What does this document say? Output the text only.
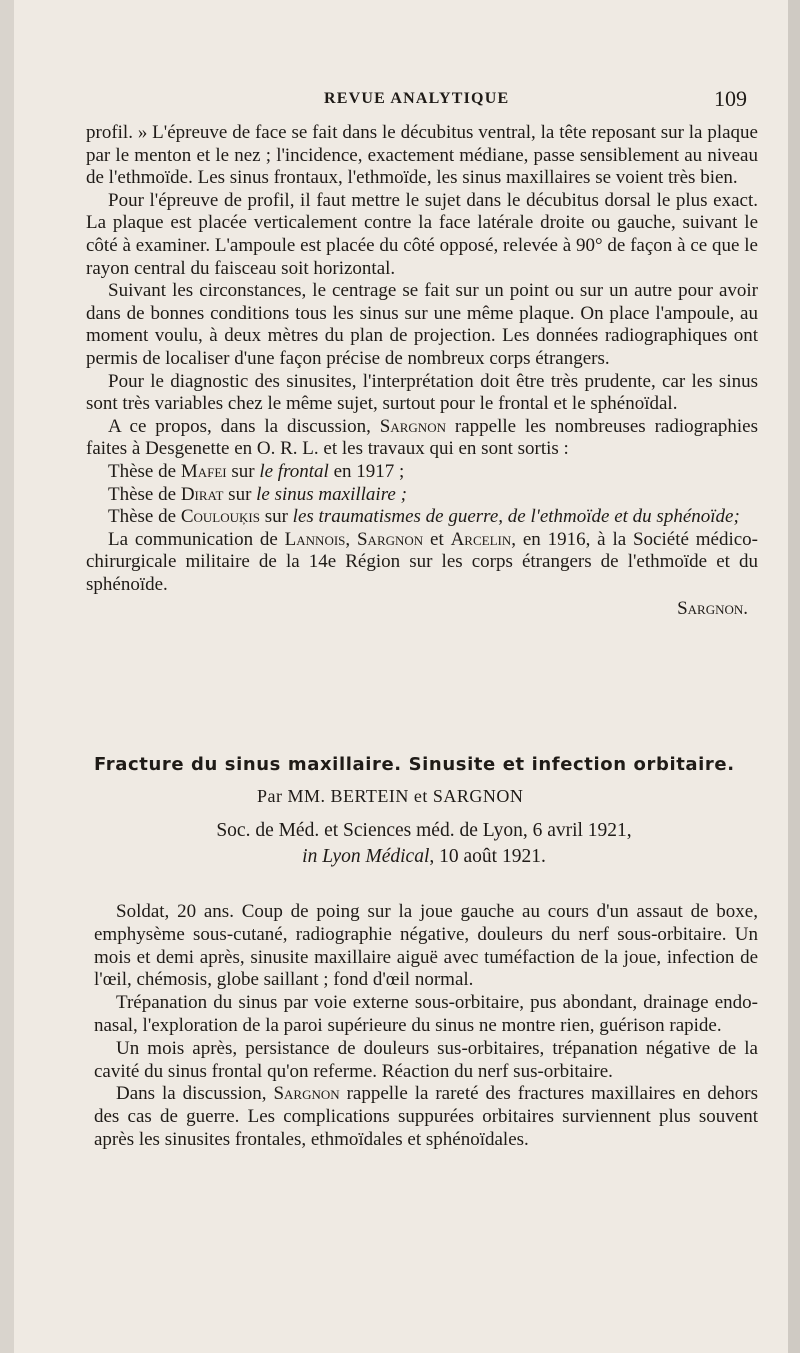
REVUE ANALYTIQUE	109

profil. » L'épreuve de face se fait dans le décubitus ventral, la tête reposant sur la plaque par le menton et le nez ; l'incidence, exactement médiane, passe sensiblement au niveau de l'ethmoïde. Les sinus frontaux, l'ethmoïde, les sinus maxillaires se voient très bien.

Pour l'épreuve de profil, il faut mettre le sujet dans le décubitus dorsal le plus exact. La plaque est placée verticalement contre la face latérale droite ou gauche, suivant le côté à examiner. L'ampoule est placée du côté opposé, relevée à 90° de façon à ce que le rayon central du faisceau soit horizontal.

Suivant les circonstances, le centrage se fait sur un point ou sur un autre pour avoir dans de bonnes conditions tous les sinus sur une même plaque. On place l'ampoule, au moment voulu, à deux mètres du plan de projection. Les données radiographiques ont permis de localiser d'une façon précise de nombreux corps étrangers.

Pour le diagnostic des sinusites, l'interprétation doit être très prudente, car les sinus sont très variables chez le même sujet, surtout pour le frontal et le sphénoïdal.

A ce propos, dans la discussion, Sargnon rappelle les nombreuses radiographies faites à Desgenette en O. R. L. et les travaux qui en sont sortis :

Thèse de Mafei sur le frontal en 1917 ;

Thèse de Dirat sur le sinus maxillaire ;

Thèse de Coulouķis sur les traumatismes de guerre, de l'ethmoïde et du sphénoïde;

La communication de Lannois, Sargnon et Arcelin, en 1916, à la Société médico-chirurgicale militaire de la 14e Région sur les corps étrangers de l'ethmoïde et du sphénoïde.

Sargnon.

Fracture du sinus maxillaire. Sinusite et infection orbitaire.
Par MM. BERTEIN et SARGNON

Soc. de Méd. et Sciences méd. de Lyon, 6 avril 1921,

in Lyon Médical, 10 août 1921.

Soldat, 20 ans. Coup de poing sur la joue gauche au cours d'un assaut de boxe, emphysème sous-cutané, radiographie négative, douleurs du nerf sous-orbitaire. Un mois et demi après, sinusite maxillaire aiguë avec tuméfaction de la joue, infection de l'œil, chémosis, globe saillant ; fond d'œil normal.

Trépanation du sinus par voie externe sous-orbitaire, pus abondant, drainage endo-nasal, l'exploration de la paroi supérieure du sinus ne montre rien, guérison rapide.

Un mois après, persistance de douleurs sus-orbitaires, trépanation négative de la cavité du sinus frontal qu'on referme. Réaction du nerf sus-orbitaire.

Dans la discussion, Sargnon rappelle la rareté des fractures maxillaires en dehors des cas de guerre. Les complications suppurées orbitaires surviennent plus souvent après les sinusites frontales, ethmoïdales et sphénoïdales.
